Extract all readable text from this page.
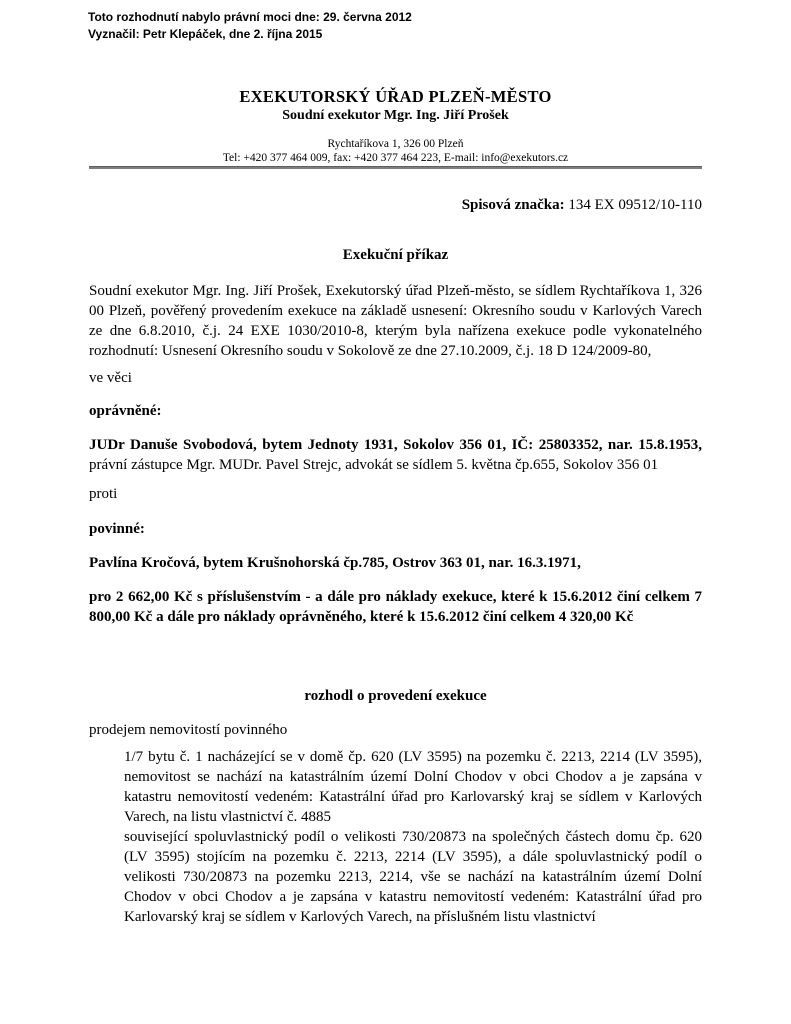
Toto rozhodnutí nabylo právní moci dne: 29. června 2012
Vyznačil: Petr Klepáček, dne 2. října 2015
EXEKUTORSKÝ ÚŘAD PLZEŇ-MĚSTO
Soudní exekutor Mgr. Ing. Jiří Prošek
Rychtaříkova 1, 326 00 Plzeň
Tel: +420 377 464 009, fax: +420 377 464 223, E-mail: info@exekutors.cz
Spisová značka: 134 EX 09512/10-110
Exekuční příkaz

Soudní exekutor Mgr. Ing. Jiří Prošek, Exekutorský úřad Plzeň-město, se sídlem Rychtaříkova 1, 326 00 Plzeň, pověřený provedením exekuce na základě usnesení: Okresního soudu v Karlových Varech ze dne 6.8.2010, č.j. 24 EXE 1030/2010-8, kterým byla nařízena exekuce podle vykonatelného rozhodnutí: Usnesení Okresního soudu v Sokolově ze dne 27.10.2009, č.j. 18 D 124/2009-80,

ve věci
oprávněné:

JUDr Danuše Svobodová, bytem Jednoty 1931, Sokolov 356 01, IČ: 25803352, nar. 15.8.1953, právní zástupce Mgr. MUDr. Pavel Strejc, advokát se sídlem 5. května čp.655, Sokolov 356 01

proti
povinné:
Pavlína Kročová, bytem Krušnohorská čp.785, Ostrov 363 01, nar. 16.3.1971,

pro 2 662,00 Kč s příslušenstvím - a dále pro náklady exekuce, které k 15.6.2012 činí celkem 7 800,00 Kč a dále pro náklady oprávněného, které k 15.6.2012 činí celkem 4 320,00 Kč

rozhodl o provedení exekuce
prodejem nemovitostí povinného

1/7 bytu č. 1 nacházející se v domě čp. 620 (LV 3595) na pozemku č. 2213, 2214 (LV 3595), nemovitost se nachází na katastrálním území Dolní Chodov v obci Chodov a je zapsána v katastru nemovitostí vedeném: Katastrální úřad pro Karlovarský kraj se sídlem v Karlových Varech, na listu vlastnictví č. 4885

související spoluvlastnický podíl o velikosti 730/20873 na společných částech domu čp. 620 (LV 3595) stojícím na pozemku č. 2213, 2214 (LV 3595), a dále spoluvlastnický podíl o velikosti 730/20873 na pozemku 2213, 2214, vše se nachází na katastrálním území Dolní Chodov v obci Chodov a je zapsána v katastru nemovitostí vedeném: Katastrální úřad pro Karlovarský kraj se sídlem v Karlových Varech, na příslušném listu vlastnictví
